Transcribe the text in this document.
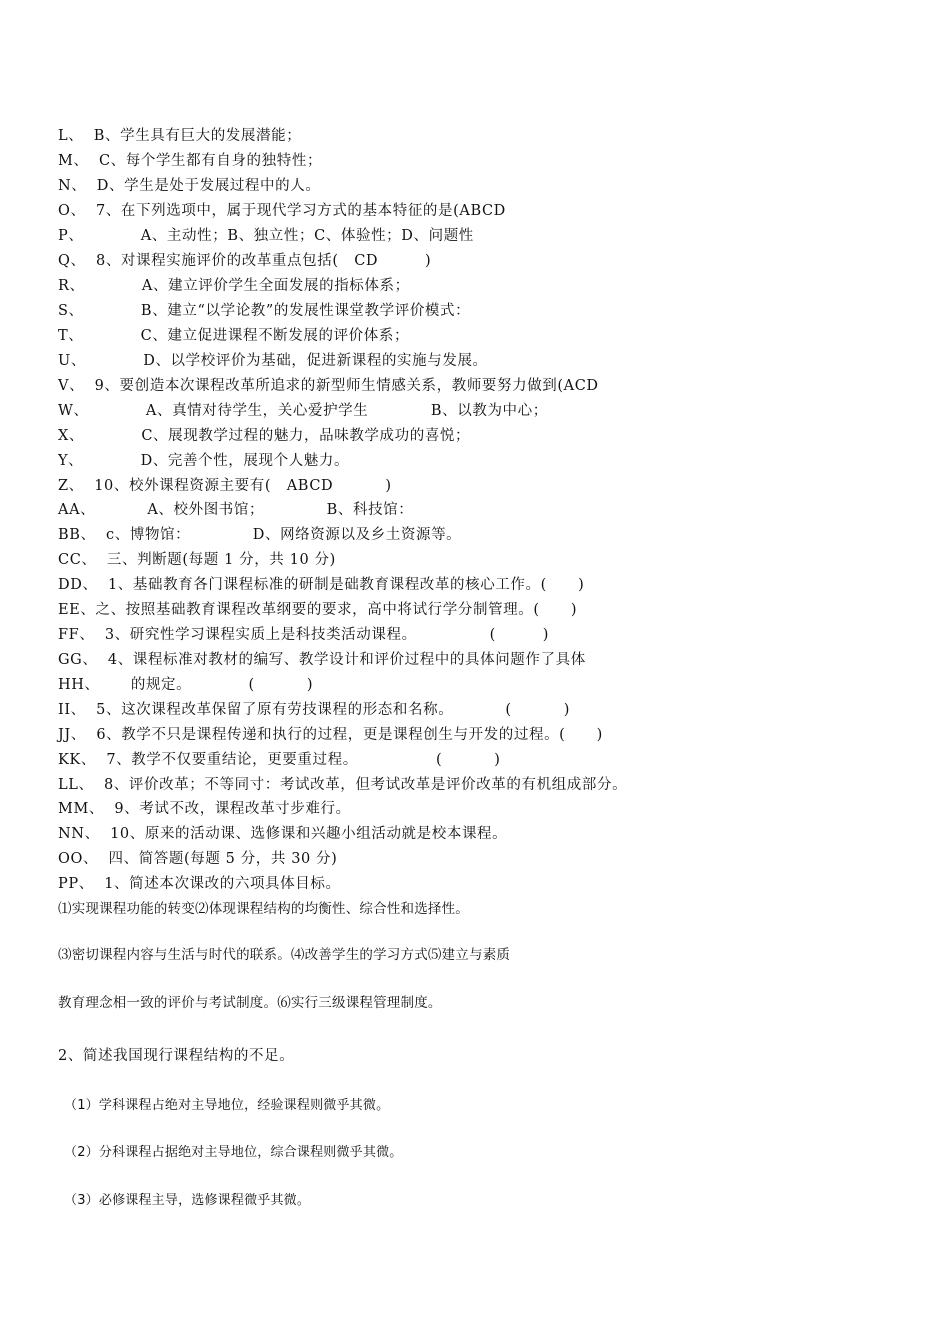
L、  B、学生具有巨大的发展潜能；
M、  C、每个学生都有自身的独特性；
N、  D、学生是处于发展过程中的人。
O、  7、在下列选项中，属于现代学习方式的基本特征的是(ABCD
P、           A、主动性；B、独立性；C、体验性；D、问题性
Q、  8、对课程实施评价的改革重点包括(   CD         )
R、           A、建立评价学生全面发展的指标体系；
S、           B、建立“以学论教”的发展性课堂教学评价模式：
T、           C、建立促进课程不断发展的评价体系；
U、           D、以学校评价为基础，促进新课程的实施与发展。
V、  9、要创造本次课程改革所追求的新型师生情感关系，教师要努力做到(ACD
W、           A、真情对待学生，关心爱护学生            B、以教为中心；
X、           C、展现教学过程的魅力，品味教学成功的喜悦；
Y、           D、完善个性，展现个人魅力。
Z、  10、校外课程资源主要有(   ABCD          )
AA、          A、校外图书馆；            B、科技馆：
BB、  c、博物馆：            D、网络资源以及乡土资源等。
CC、  三、判断题(每题 1 分，共 10 分)
DD、  1、基础教育各门课程标准的研制是础教育课程改革的核心工作。(      )
EE、之、按照基础教育课程改革纲要的要求，高中将试行学分制管理。(      )
FF、  3、研究性学习课程实质上是科技类活动课程。              (         )
GG、  4、课程标准对教材的编写、教学设计和评价过程中的具体问题作了具体
HH、      的规定。           (          )
II、  5、这次课程改革保留了原有劳技课程的形态和名称。          (          )
JJ、  6、教学不只是课程传递和执行的过程，更是课程创生与开发的过程。(      )
KK、  7、教学不仅要重结论，更要重过程。               (          )
LL、  8、评价改革；不等同寸：考试改革，但考试改革是评价改革的有机组成部分。
MM、  9、考试不改，课程改革寸步难行。
NN、  10、原来的活动课、选修课和兴趣小组活动就是校本课程。
OO、  四、简答题(每题 5 分，共 30 分)
PP、  1、简述本次课改的六项具体目标。
⑴实现课程功能的转变⑵体现课程结构的均衡性、综合性和选择性。
⑶密切课程内容与生活与时代的联系。⑷改善学生的学习方式⑸建立与素质
教育理念相一致的评价与考试制度。⑹实行三级课程管理制度。
2、简述我国现行课程结构的不足。
（1）学科课程占绝对主导地位，经验课程则微乎其微。
（2）分科课程占据绝对主导地位，综合课程则微乎其微。
（3）必修课程主导，选修课程微乎其微。
